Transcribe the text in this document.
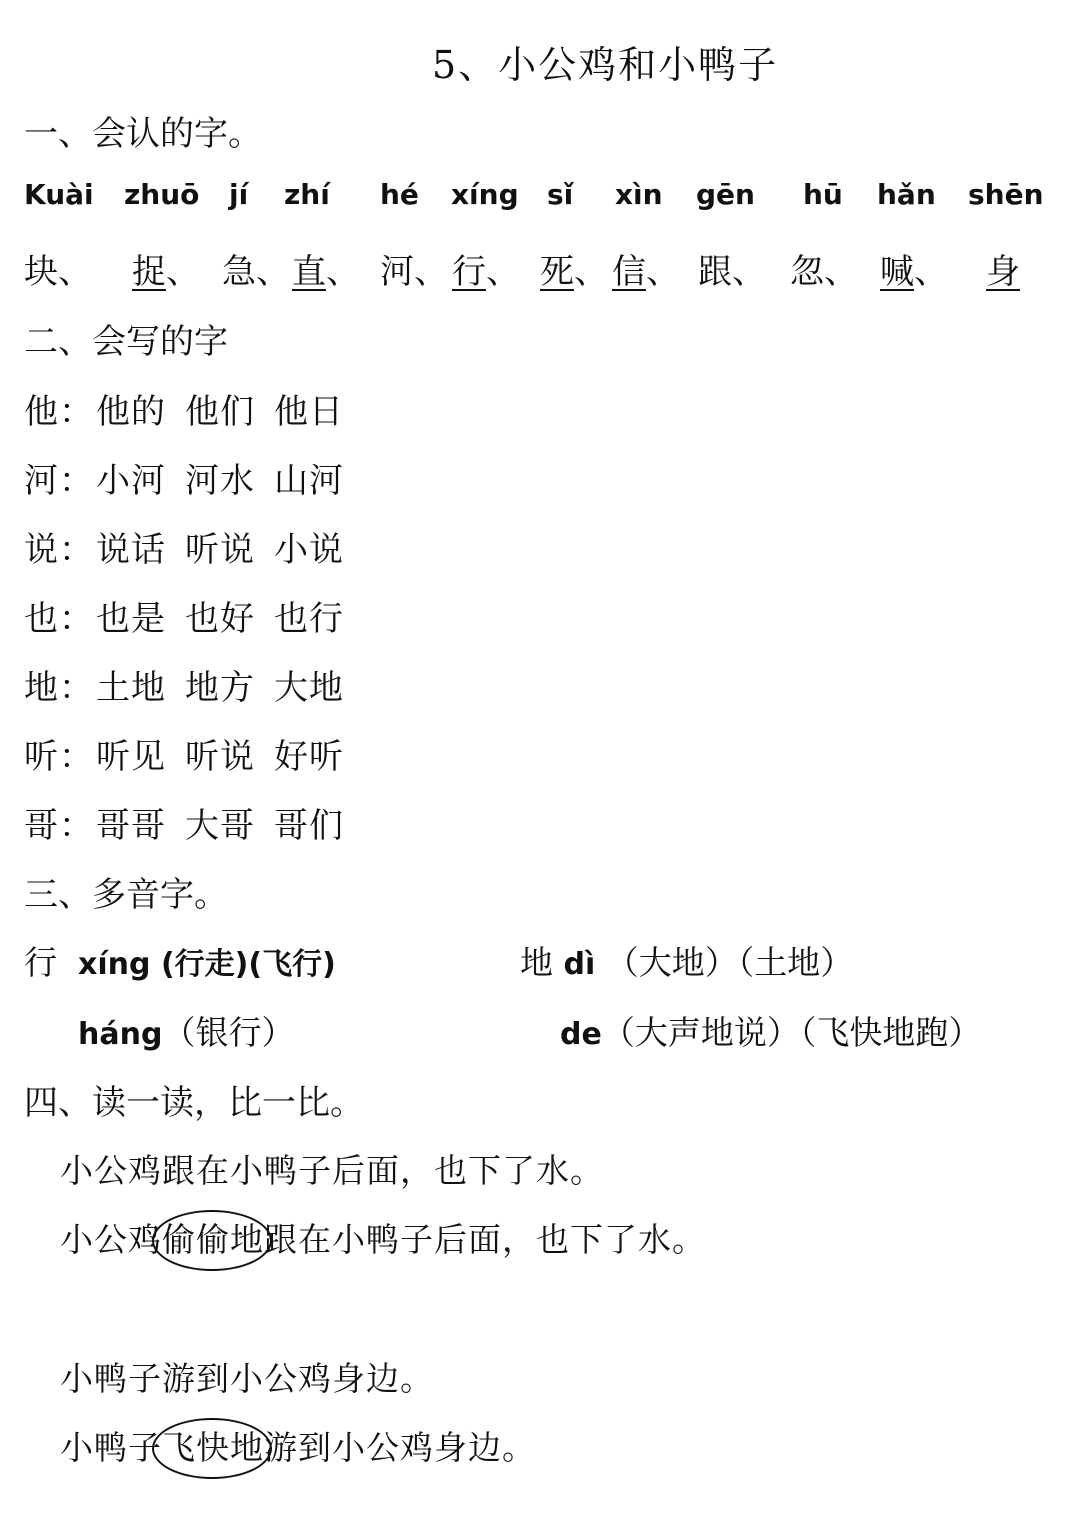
5、小公鸡和小鸭子
一、会认的字。
Kuài zhuō jí zhí hé xíng sǐ xìn gēn hū hǎn shēn
块、 捉、 急、 直、 河、 行、 死、 信、 跟、 忽、 喊、 身
二、会写的字
他：他的 他们 他日
河：小河 河水 山河
说：说话 听说 小说
也：也是 也好 也行
地：土地 地方 大地
听：听见 听说 好听
哥：哥哥 大哥 哥们
三、多音字。
行 xíng (行走)(飞行)
háng（银行）
地 dì （大地）（土地）
de（大声地说）（飞快地跑）
四、读一读，比一比。
小公鸡跟在小鸭子后面，也下了水。
小公鸡偷偷地跟在小鸭子后面，也下了水。
小鸭子游到小公鸡身边。
小鸭子飞快地游到小公鸡身边。
